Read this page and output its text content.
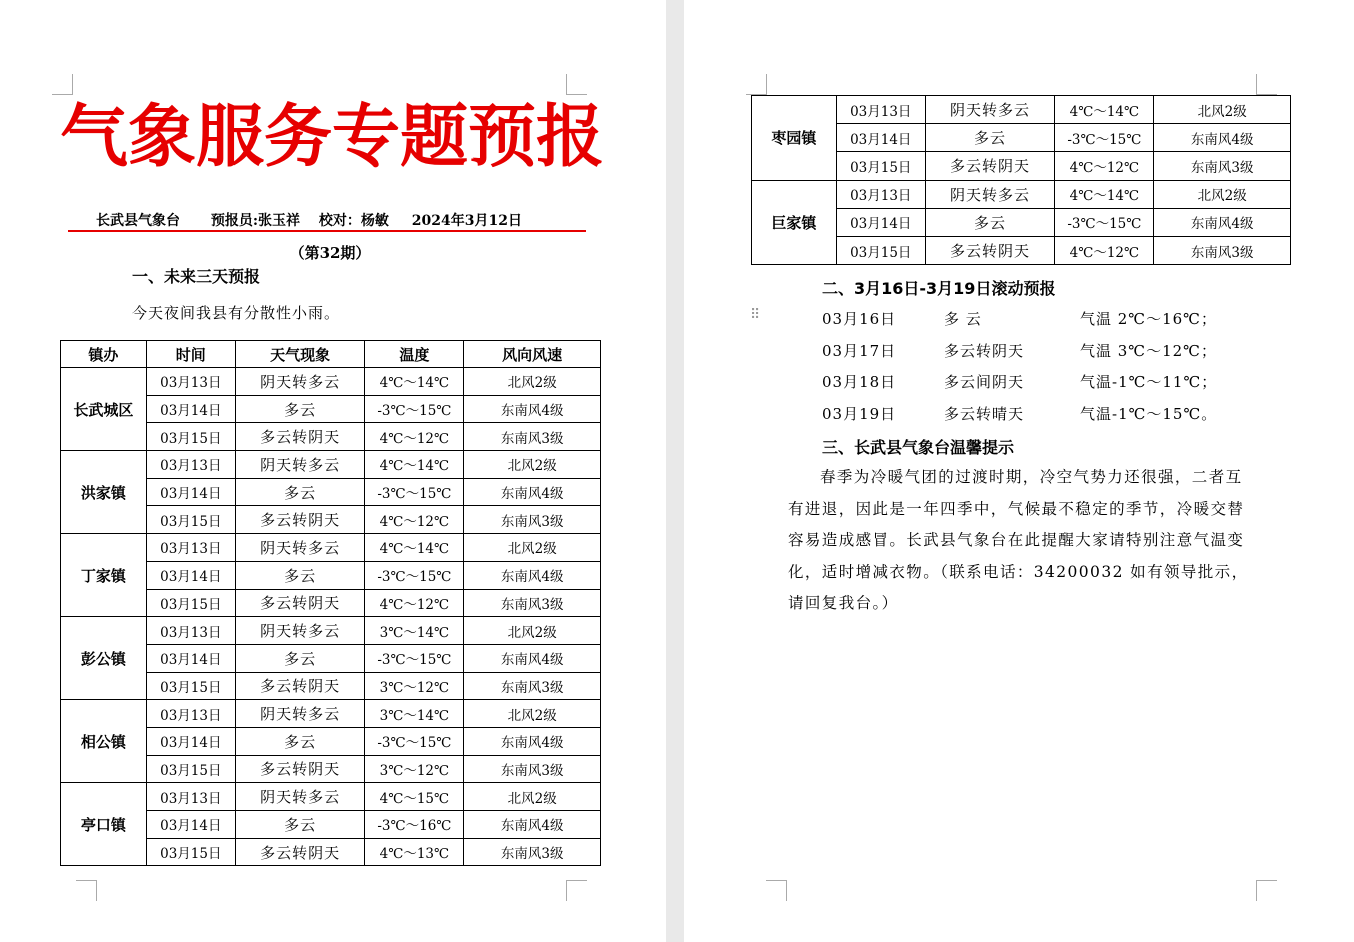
气象服务专题预报
长武县气象台 预报员:张玉祥 校对：杨敏 2024年3月12日
（第32期）
一、未来三天预报
今天夜间我县有分散性小雨。
镇办	时间	天气现象	温度	风向风速
长武城区	03月13日	阴天转多云	4℃～14℃	北风2级
	03月14日	多云	-3℃～15℃	东南风4级
	03月15日	多云转阴天	4℃～12℃	东南风3级
洪家镇	03月13日	阴天转多云	4℃～14℃	北风2级
	03月14日	多云	-3℃～15℃	东南风4级
	03月15日	多云转阴天	4℃～12℃	东南风3级
丁家镇	03月13日	阴天转多云	4℃～14℃	北风2级
	03月14日	多云	-3℃～15℃	东南风4级
	03月15日	多云转阴天	4℃～12℃	东南风3级
彭公镇	03月13日	阴天转多云	3℃～14℃	北风2级
	03月14日	多云	-3℃～15℃	东南风4级
	03月15日	多云转阴天	3℃～12℃	东南风3级
相公镇	03月13日	阴天转多云	3℃～14℃	北风2级
	03月14日	多云	-3℃～15℃	东南风4级
	03月15日	多云转阴天	3℃～12℃	东南风3级
亭口镇	03月13日	阴天转多云	4℃～15℃	北风2级
	03月14日	多云	-3℃～16℃	东南风4级
	03月15日	多云转阴天	4℃～13℃	东南风3级
枣园镇	03月13日	阴天转多云	4℃～14℃	北风2级
	03月14日	多云	-3℃～15℃	东南风4级
	03月15日	多云转阴天	4℃～12℃	东南风3级
巨家镇	03月13日	阴天转多云	4℃～14℃	北风2级
	03月14日	多云	-3℃～15℃	东南风4级
	03月15日	多云转阴天	4℃～12℃	东南风3级
二、3月16日-3月19日滚动预报
⠿	03月16日	多 云	气温 2℃～16℃；
03月17日	多云转阴天	气温 3℃～12℃；
03月18日	多云间阴天	气温-1℃～11℃；
03月19日	多云转晴天	气温-1℃～15℃。
三、长武县气象台温馨提示
春季为冷暖气团的过渡时期，冷空气势力还很强，二者互有进退，因此是一年四季中，气候最不稳定的季节，冷暖交替容易造成感冒。长武县气象台在此提醒大家请特别注意气温变化，适时增减衣物。（联系电话：34200032 如有领导批示，请回复我台。）
